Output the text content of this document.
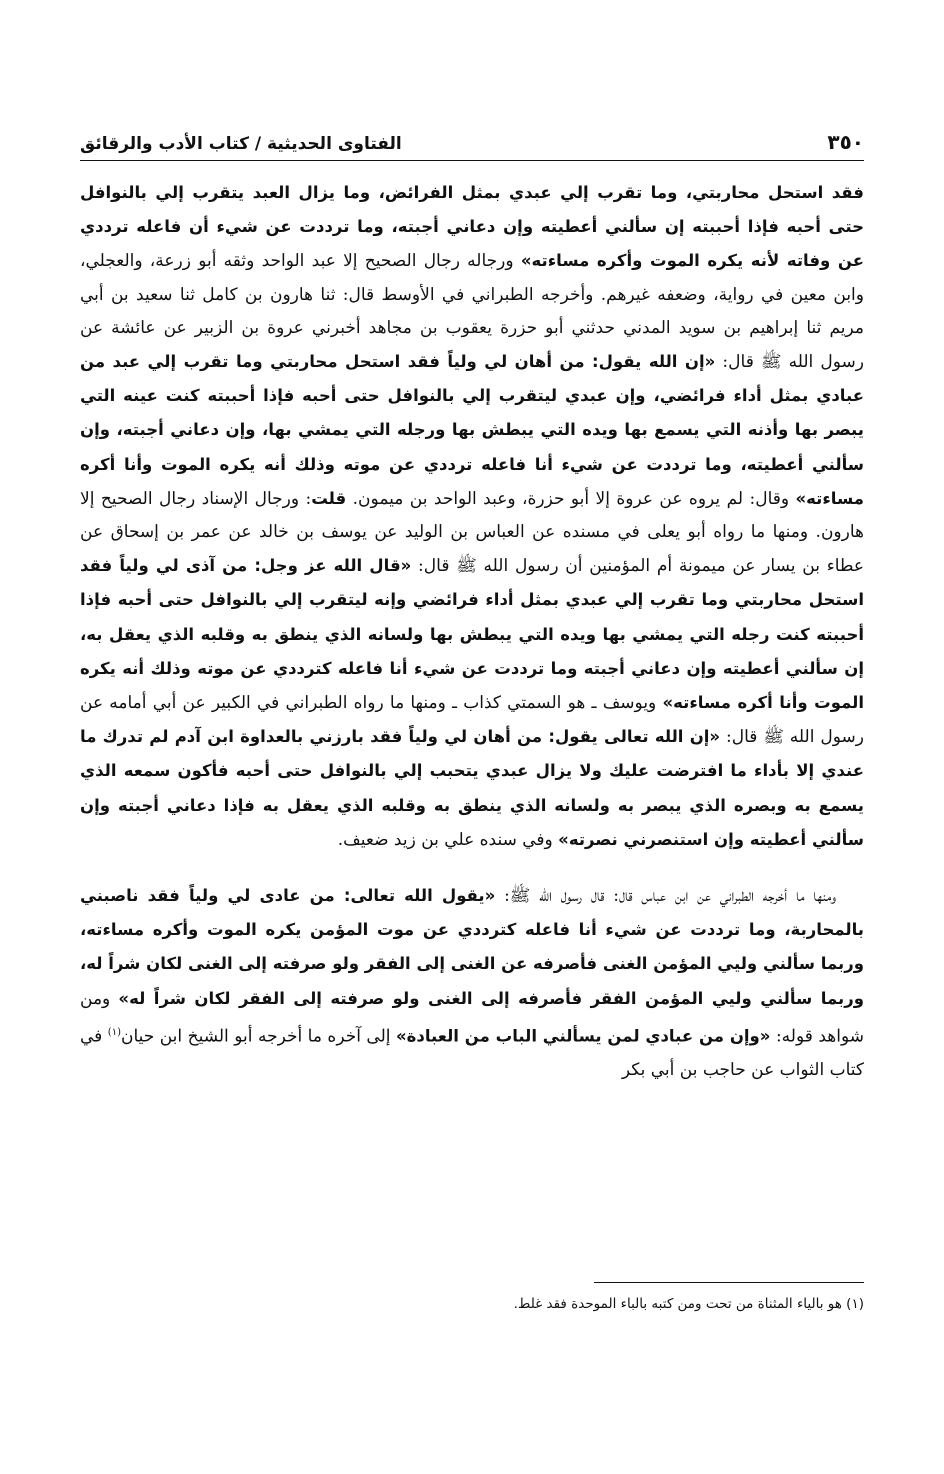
٣٥٠
الفتاوى الحديثية / كتاب الأدب والرقائق

فقد استحل محاربتي، وما تقرب إلي عبدي بمثل الفرائض، وما يزال العبد يتقرب إلي بالنوافل حتى أحبه فإذا أحببته إن سألني أعطيته وإن دعاني أجبته، وما ترددت عن شيء أن فاعله ترددي عن وفاته لأنه يكره الموت وأكره مساءته» ورجاله رجال الصحيح إلا عبد الواحد وثقه أبو زرعة، والعجلي، وابن معين في رواية، وضعفه غيرهم. وأخرجه الطبراني في الأوسط قال: ثنا هارون بن كامل ثنا سعيد بن أبي مريم ثنا إبراهيم بن سويد المدني حدثني أبو حزرة يعقوب بن مجاهد أخبرني عروة بن الزبير عن عائشة عن رسول الله ﷺ قال: «إن الله يقول: من أهان لي ولياً فقد استحل محاربتي وما تقرب إلي عبد من عبادي بمثل أداء فرائضي، وإن عبدي ليتقرب إلي بالنوافل حتى أحبه فإذا أحببته كنت عينه التي يبصر بها وأذنه التي يسمع بها ويده التي يبطش بها ورجله التي يمشي بها، وإن دعاني أجبته، وإن سألني أعطيته، وما ترددت عن شيء أنا فاعله ترددي عن موته وذلك أنه يكره الموت وأنا أكره مساءته» وقال: لم يروه عن عروة إلا أبو حزرة، وعبد الواحد بن ميمون. قلت: ورجال الإسناد رجال الصحيح إلا هارون. ومنها ما رواه أبو يعلى في مسنده عن العباس بن الوليد عن يوسف بن خالد عن عمر بن إسحاق عن عطاء بن يسار عن ميمونة أم المؤمنين أن رسول الله ﷺ قال: «قال الله عز وجل: من آذى لي ولياً فقد استحل محاربتي وما تقرب إلي عبدي بمثل أداء فرائضي وإنه ليتقرب إلي بالنوافل حتى أحبه فإذا أحببته كنت رجله التي يمشي بها ويده التي يبطش بها ولسانه الذي ينطق به وقلبه الذي يعقل به، إن سألني أعطيته وإن دعاني أجبته وما ترددت عن شيء أنا فاعله كترددي عن موته وذلك أنه يكره الموت وأنا أكره مساءته» ويوسف ـ هو السمتي كذاب ـ ومنها ما رواه الطبراني في الكبير عن أبي أمامه عن رسول الله ﷺ قال: «إن الله تعالى يقول: من أهان لي ولياً فقد بارزني بالعداوة ابن آدم لم تدرك ما عندي إلا بأداء ما افترضت عليك ولا يزال عبدي يتحبب إلي بالنوافل حتى أحبه فأكون سمعه الذي يسمع به وبصره الذي يبصر به ولسانه الذي ينطق به وقلبه الذي يعقل به فإذا دعاني أجبته وإن سألني أعطيته وإن استنصرني نصرته» وفي سنده علي بن زيد ضعيف.

ومنها ما أخرجه الطبراني عن ابن عباس قال: قال رسول الله ﷺ: «يقول الله تعالى: من عادى لي ولياً فقد ناصبني بالمحاربة، وما ترددت عن شيء أنا فاعله كترددي عن موت المؤمن يكره الموت وأكره مساءته، وربما سألني وليي المؤمن الغنى فأصرفه عن الغنى إلى الفقر ولو صرفته إلى الغنى لكان شراً له، وربما سألني وليي المؤمن الفقر فأصرفه إلى الغنى ولو صرفته إلى الفقر لكان شراً له» ومن شواهد قوله: «وإن من عبادي لمن يسألني الباب من العبادة» إلى آخره ما أخرجه أبو الشيخ ابن حيان$^{(١)}$ في كتاب الثواب عن حاجب بن أبي بكر

(١) هو بالياء المثناة من تحت ومن كتبه بالباء الموحدة فقد غلط.
